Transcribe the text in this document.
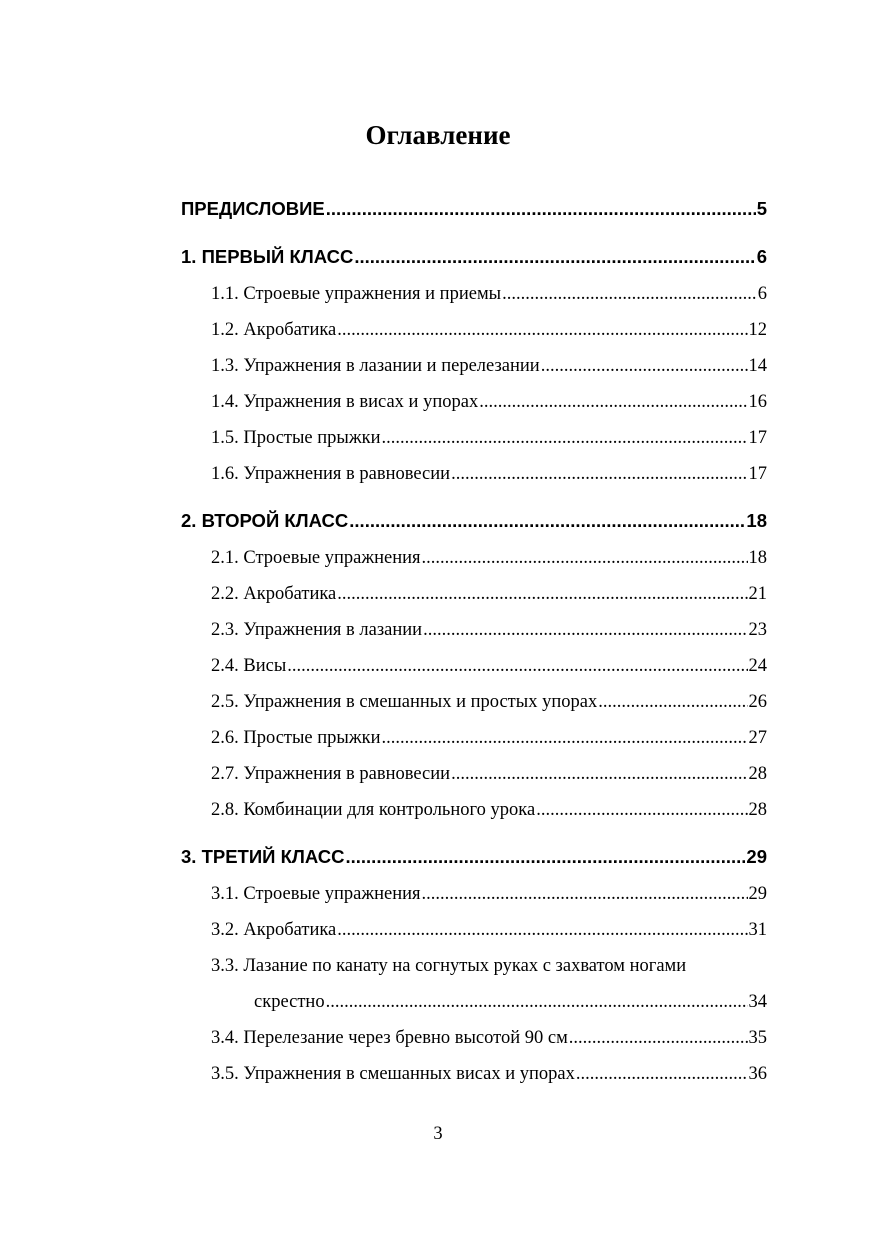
Оглавление
ПРЕДИСЛОВИЕ .....	5
1. ПЕРВЫЙ КЛАСС .....	6
1.1. Строевые упражнения и приемы .....	6
1.2. Акробатика .....	12
1.3. Упражнения в лазании и перелезании .....	14
1.4. Упражнения в висах и упорах .....	16
1.5. Простые прыжки .....	17
1.6. Упражнения в равновесии .....	17
2. ВТОРОЙ КЛАСС .....	18
2.1. Строевые упражнения .....	18
2.2. Акробатика .....	21
2.3. Упражнения в лазании .....	23
2.4. Висы .....	24
2.5. Упражнения в смешанных и простых упорах .....	26
2.6. Простые прыжки .....	27
2.7. Упражнения в равновесии .....	28
2.8. Комбинации для контрольного урока .....	28
3. ТРЕТИЙ КЛАСС .....	29
3.1. Строевые упражнения .....	29
3.2. Акробатика .....	31
3.3. Лазание по канату на согнутых руках с захватом ногами
скрестно .....	34
3.4. Перелезание через бревно высотой 90 см .....	35
3.5. Упражнения в смешанных висах и упорах .....	36
3
